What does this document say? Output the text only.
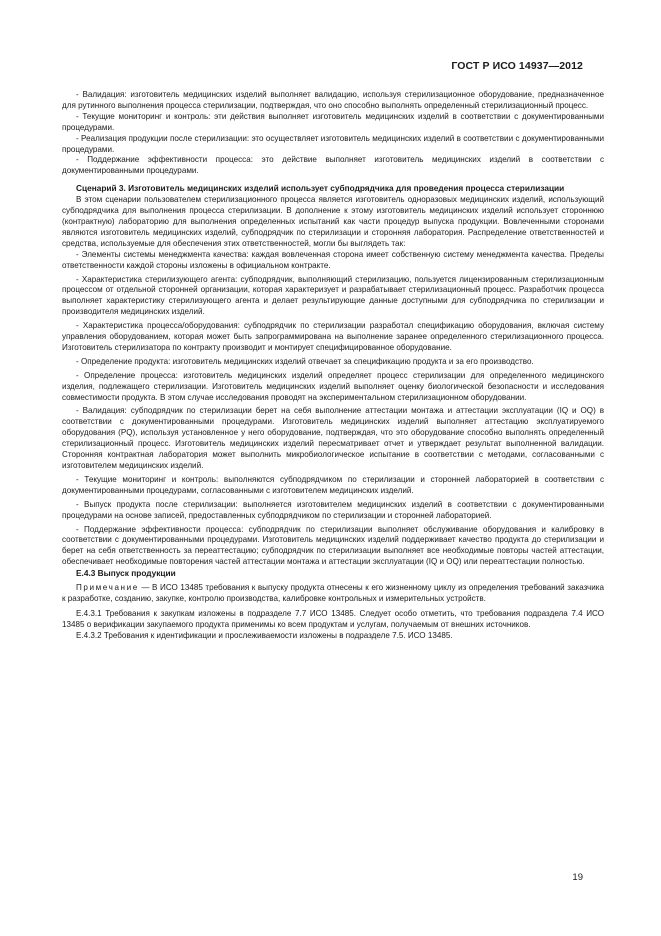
ГОСТ Р ИСО 14937—2012

- Валидация: изготовитель медицинских изделий выполняет валидацию, используя стерилизационное оборудование, предназначенное для рутинного выполнения процесса стерилизации, подтверждая, что оно способно выполнять определенный стерилизационный процесс.

- Текущие мониторинг и контроль: эти действия выполняет изготовитель медицинских изделий в соответствии с документированными процедурами.

- Реализация продукции после стерилизации: это осуществляет изготовитель медицинских изделий в соответствии с документированными процедурами.

- Поддержание эффективности процесса: это действие выполняет изготовитель медицинских изделий в соответствии с документированными процедурами.

Сценарий 3. Изготовитель медицинских изделий использует субподрядчика для проведения процесса стерилизации

В этом сценарии пользователем стерилизационного процесса является изготовитель одноразовых медицинских изделий, использующий субподрядчика для выполнения процесса стерилизации. В дополнение к этому изготовитель медицинских изделий использует стороннюю (контрактную) лабораторию для выполнения определенных испытаний как части процедур выпуска продукции. Вовлеченными сторонами являются изготовитель медицинских изделий, субподрядчик по стерилизации и сторонняя лаборатория. Распределение ответственностей и средства, используемые для обеспечения этих ответственностей, могли бы выглядеть так:

- Элементы системы менеджмента качества: каждая вовлеченная сторона имеет собственную систему менеджмента качества. Пределы ответственности каждой стороны изложены в официальном контракте.

- Характеристика стерилизующего агента: субподрядчик, выполняющий стерилизацию, пользуется лицензированным стерилизационным процессом от отдельной сторонней организации, которая характеризует и разрабатывает стерилизационный процесс. Разработчик процесса выполняет характеристику стерилизующего агента и делает результирующие данные доступными для субподрядчика по стерилизации и производителя медицинских изделий.

- Характеристика процесса/оборудования: субподрядчик по стерилизации разработал спецификацию оборудования, включая систему управления оборудованием, которая может быть запрограммирована на выполнение заранее определенного стерилизационного процесса. Изготовитель стерилизатора по контракту производит и монтирует специфицированное оборудование.

- Определение продукта: изготовитель медицинских изделий отвечает за спецификацию продукта и за его производство.

- Определение процесса: изготовитель медицинских изделий определяет процесс стерилизации для определенного медицинского изделия, подлежащего стерилизации. Изготовитель медицинских изделий выполняет оценку биологической безопасности и исследования совместимости продукта. В этом случае исследования проводят на экспериментальном стерилизационном оборудовании.

- Валидация: субподрядчик по стерилизации берет на себя выполнение аттестации монтажа и аттестации эксплуатации (IQ и OQ) в соответствии с документированными процедурами. Изготовитель медицинских изделий выполняет аттестацию эксплуатируемого оборудования (PQ), используя установленное у него оборудование, подтверждая, что это оборудование способно выполнять определенный стерилизационный процесс. Изготовитель медицинских изделий пересматривает отчет и утверждает результат выполненной валидации. Сторонняя контрактная лаборатория может выполнить микробиологическое испытание в соответствии с методами, согласованными с изготовителем медицинских изделий.

- Текущие мониторинг и контроль: выполняются субподрядчиком по стерилизации и сторонней лабораторией в соответствии с документированными процедурами, согласованными с изготовителем медицинских изделий.

- Выпуск продукта после стерилизации: выполняется изготовителем медицинских изделий в соответствии с документированными процедурами на основе записей, предоставленных субподрядчиком по стерилизации и сторонней лабораторией.

- Поддержание эффективности процесса: субподрядчик по стерилизации выполняет обслуживание оборудования и калибровку в соответствии с документированными процедурами. Изготовитель медицинских изделий поддерживает качество продукта до стерилизации и берет на себя ответственность за переаттестацию; субподрядчик по стерилизации выполняет все необходимые повторы частей аттестации, обеспечивает необходимые повторения частей аттестации монтажа и аттестации эксплуатации (IQ и OQ) или переаттестации полностью.

Е.4.3 Выпуск продукции

Примечание — В ИСО 13485 требования к выпуску продукта отнесены к его жизненному циклу из определения требований заказчика к разработке, созданию, закупке, контролю производства, калибровке контрольных и измерительных устройств.

Е.4.3.1 Требования к закупкам изложены в подразделе 7.7 ИСО 13485. Следует особо отметить, что требования подраздела 7.4 ИСО 13485 о верификации закупаемого продукта применимы ко всем продуктам и услугам, получаемым от внешних источников.

Е.4.3.2 Требования к идентификации и прослеживаемости изложены в подразделе 7.5. ИСО 13485.

19
